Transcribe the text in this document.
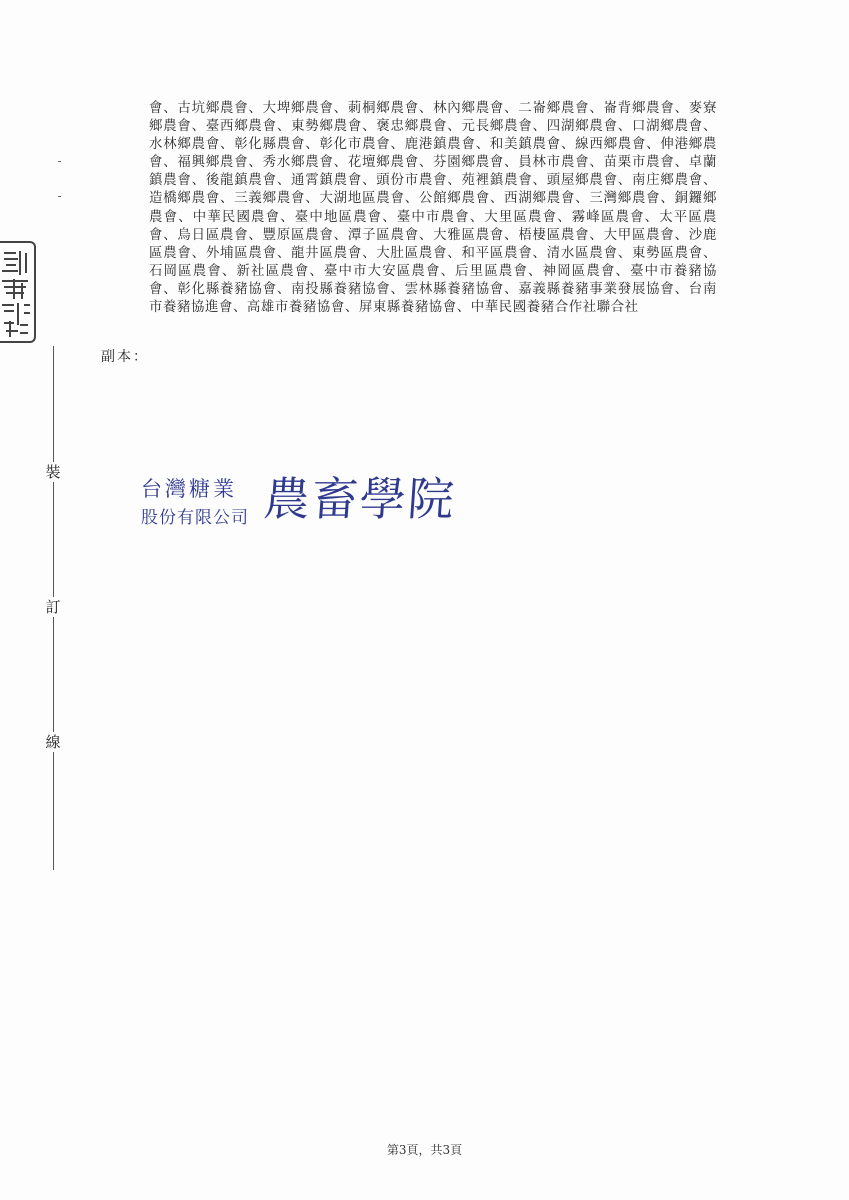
裝
訂
線
會、古坑鄉農會、大埤鄉農會、莿桐鄉農會、林內鄉農會、二崙鄉農會、崙背鄉農會、麥寮鄉農會、臺西鄉農會、東勢鄉農會、褒忠鄉農會、元長鄉農會、四湖鄉農會、口湖鄉農會、水林鄉農會、彰化縣農會、彰化市農會、鹿港鎮農會、和美鎮農會、線西鄉農會、伸港鄉農會、福興鄉農會、秀水鄉農會、花壇鄉農會、芬園鄉農會、員林市農會、苗栗市農會、卓蘭鎮農會、後龍鎮農會、通霄鎮農會、頭份市農會、苑裡鎮農會、頭屋鄉農會、南庄鄉農會、造橋鄉農會、三義鄉農會、大湖地區農會、公館鄉農會、西湖鄉農會、三灣鄉農會、銅鑼鄉農會、中華民國農會、臺中地區農會、臺中市農會、大里區農會、霧峰區農會、太平區農會、烏日區農會、豐原區農會、潭子區農會、大雅區農會、梧棲區農會、大甲區農會、沙鹿區農會、外埔區農會、龍井區農會、大肚區農會、和平區農會、清水區農會、東勢區農會、石岡區農會、新社區農會、臺中市大安區農會、后里區農會、神岡區農會、臺中市養豬協會、彰化縣養豬協會、南投縣養豬協會、雲林縣養豬協會、嘉義縣養豬事業發展協會、台南市養豬協進會、高雄市養豬協會、屏東縣養豬協會、中華民國養豬合作社聯合社
副本：
台灣糖業
股份有限公司 農畜學院
第3頁，共3頁
